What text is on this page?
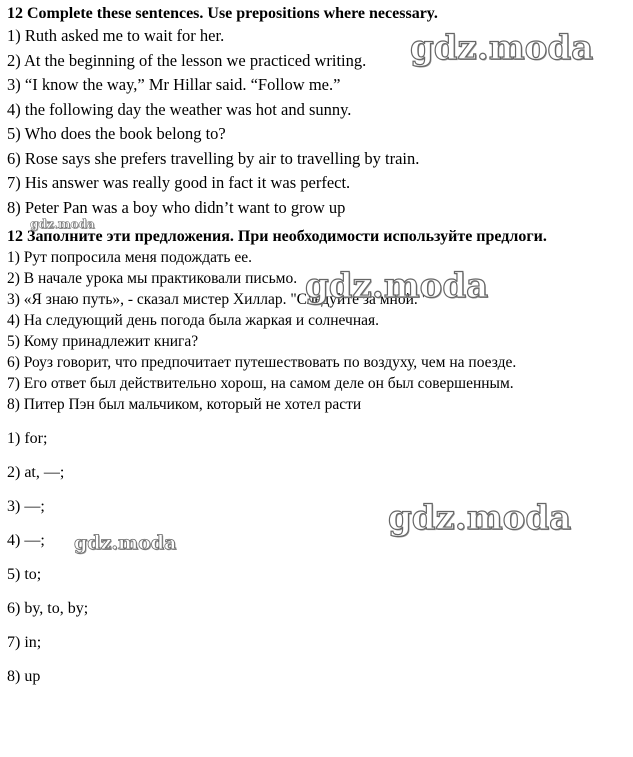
12 Complete these sentences. Use prepositions where necessary.
1) Ruth asked me to wait for her.
2) At the beginning of the lesson we practiced writing.
3) “I know the way,” Mr Hillar said. “Follow me.”
4) the following day the weather was hot and sunny.
5) Who does the book belong to?
6) Rose says she prefers travelling by air to travelling by train.
7) His answer was really good in fact it was perfect.
8) Peter Pan was a boy who didn’t want to grow up
12 Заполните эти предложения. При необходимости используйте предлоги.
1) Рут попросила меня подождать ее.
2) В начале урока мы практиковали письмо.
3) «Я знаю путь», - сказал мистер Хиллар. "Следуйте за мной. "
4) На следующий день погода была жаркая и солнечная.
5) Кому принадлежит книга?
6) Роуз говорит, что предпочитает путешествовать по воздуху, чем на поезде.
7) Его ответ был действительно хорош, на самом деле он был совершенным.
8) Питер Пэн был мальчиком, который не хотел расти
1) for;
2) at, —;
3) —;
4) —;
5) to;
6) by, to, by;
7) in;
8) up
gdz.moda
gdz.moda
gdz.moda
gdz.moda
gdz.moda
